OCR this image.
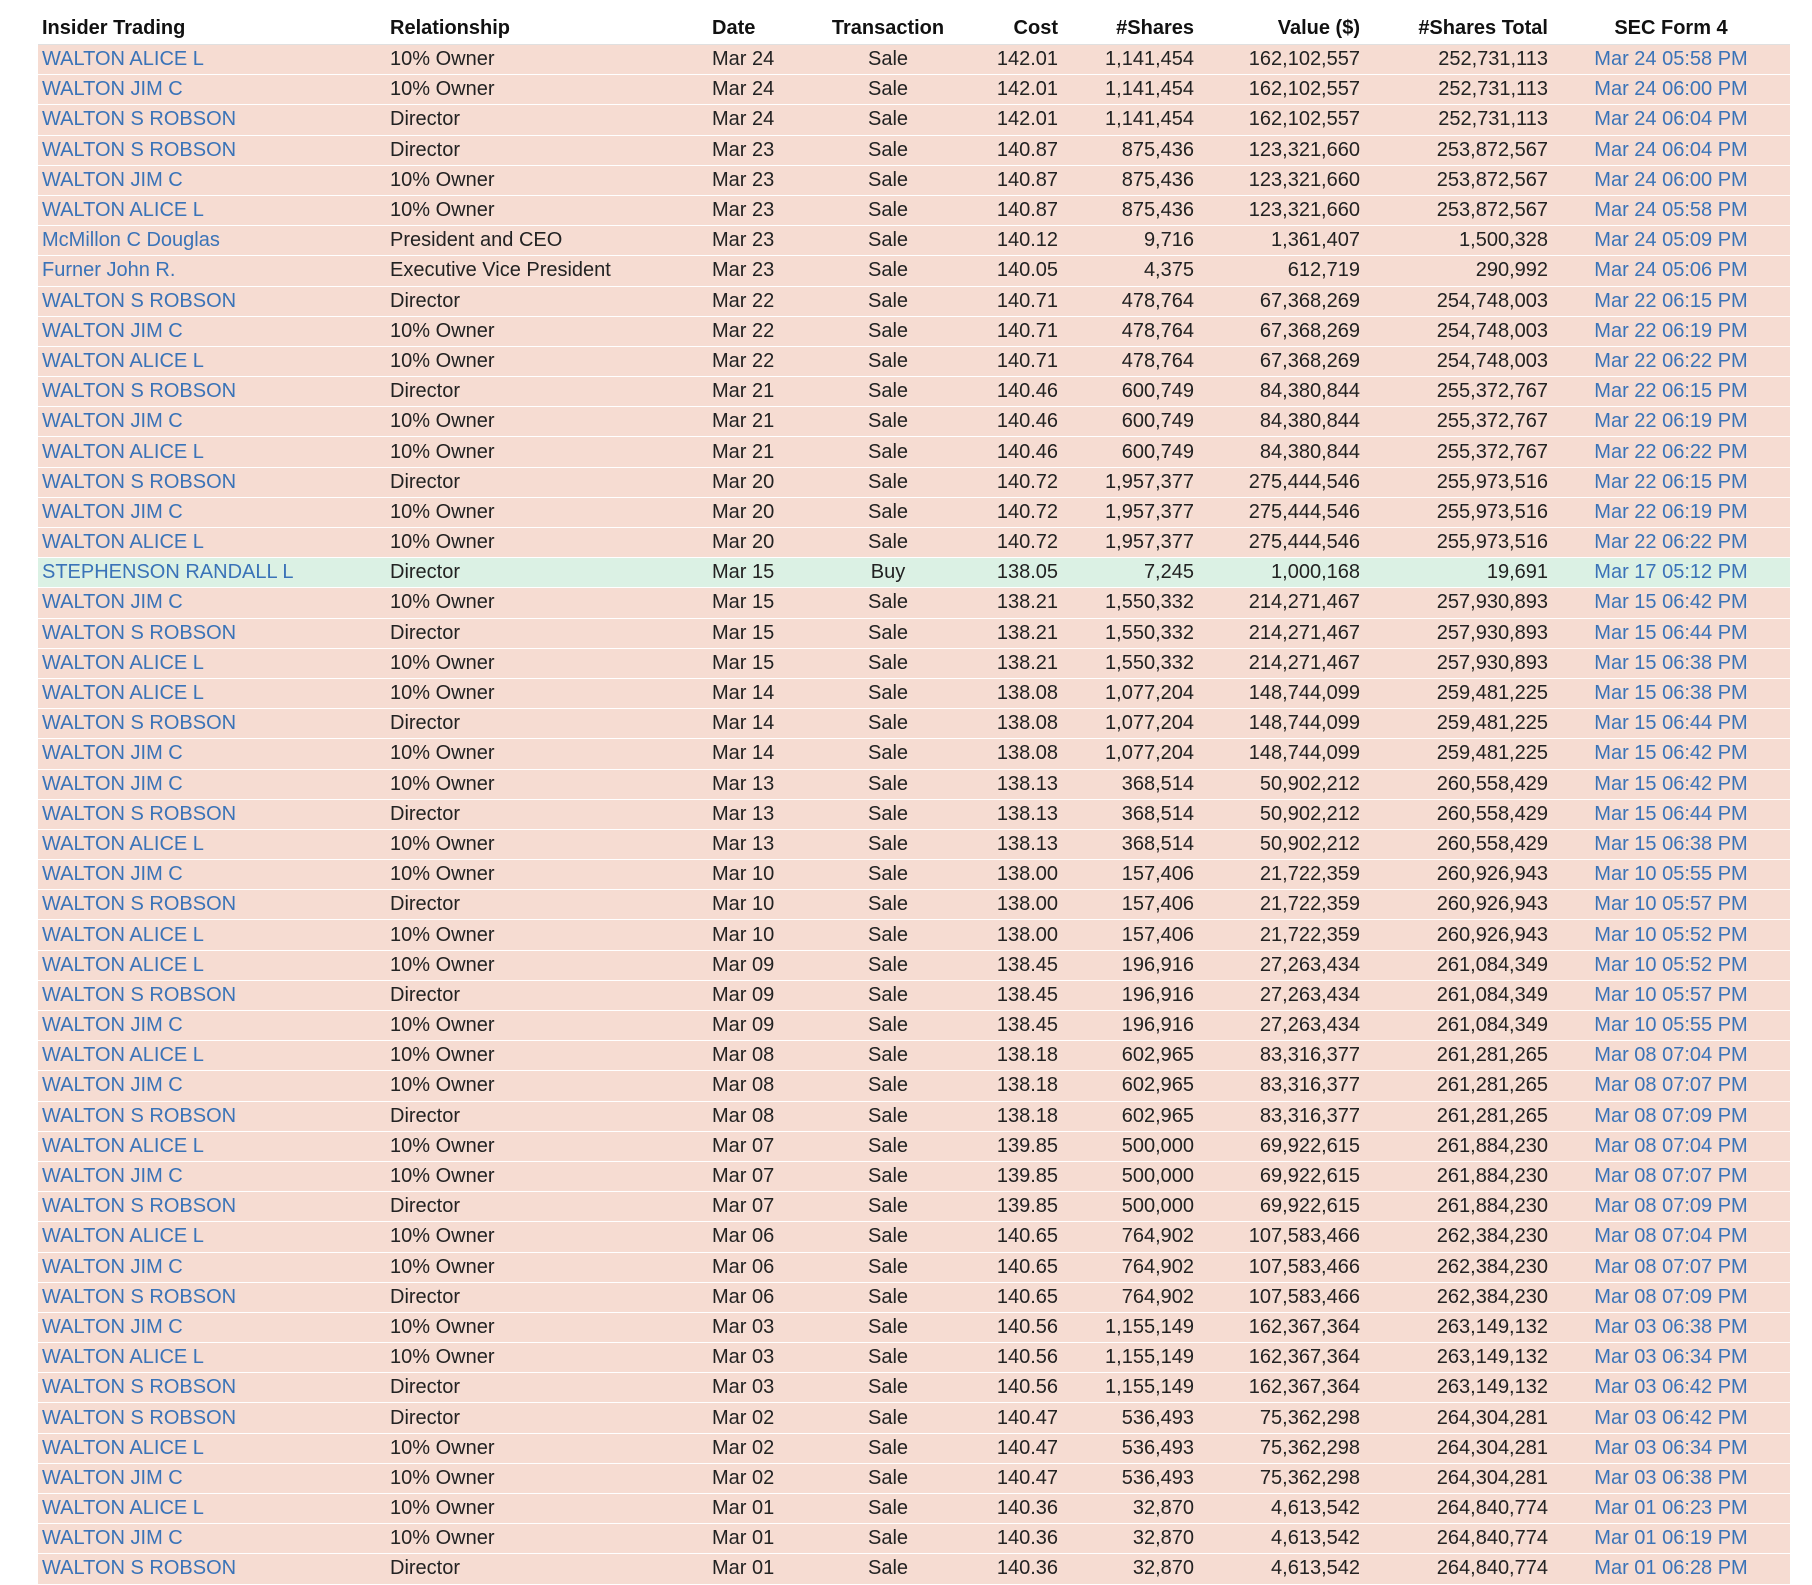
Insider Trading	Relationship	Date	Transaction	Cost	#Shares	Value ($)	#Shares Total	SEC Form 4
WALTON ALICE L	10% Owner	Mar 24	Sale	142.01	1,141,454	162,102,557	252,731,113	Mar 24 05:58 PM
WALTON JIM C	10% Owner	Mar 24	Sale	142.01	1,141,454	162,102,557	252,731,113	Mar 24 06:00 PM
WALTON S ROBSON	Director	Mar 24	Sale	142.01	1,141,454	162,102,557	252,731,113	Mar 24 06:04 PM
WALTON S ROBSON	Director	Mar 23	Sale	140.87	875,436	123,321,660	253,872,567	Mar 24 06:04 PM
WALTON JIM C	10% Owner	Mar 23	Sale	140.87	875,436	123,321,660	253,872,567	Mar 24 06:00 PM
WALTON ALICE L	10% Owner	Mar 23	Sale	140.87	875,436	123,321,660	253,872,567	Mar 24 05:58 PM
McMillon C Douglas	President and CEO	Mar 23	Sale	140.12	9,716	1,361,407	1,500,328	Mar 24 05:09 PM
Furner John R.	Executive Vice President	Mar 23	Sale	140.05	4,375	612,719	290,992	Mar 24 05:06 PM
WALTON S ROBSON	Director	Mar 22	Sale	140.71	478,764	67,368,269	254,748,003	Mar 22 06:15 PM
WALTON JIM C	10% Owner	Mar 22	Sale	140.71	478,764	67,368,269	254,748,003	Mar 22 06:19 PM
WALTON ALICE L	10% Owner	Mar 22	Sale	140.71	478,764	67,368,269	254,748,003	Mar 22 06:22 PM
WALTON S ROBSON	Director	Mar 21	Sale	140.46	600,749	84,380,844	255,372,767	Mar 22 06:15 PM
WALTON JIM C	10% Owner	Mar 21	Sale	140.46	600,749	84,380,844	255,372,767	Mar 22 06:19 PM
WALTON ALICE L	10% Owner	Mar 21	Sale	140.46	600,749	84,380,844	255,372,767	Mar 22 06:22 PM
WALTON S ROBSON	Director	Mar 20	Sale	140.72	1,957,377	275,444,546	255,973,516	Mar 22 06:15 PM
WALTON JIM C	10% Owner	Mar 20	Sale	140.72	1,957,377	275,444,546	255,973,516	Mar 22 06:19 PM
WALTON ALICE L	10% Owner	Mar 20	Sale	140.72	1,957,377	275,444,546	255,973,516	Mar 22 06:22 PM
STEPHENSON RANDALL L	Director	Mar 15	Buy	138.05	7,245	1,000,168	19,691	Mar 17 05:12 PM
WALTON JIM C	10% Owner	Mar 15	Sale	138.21	1,550,332	214,271,467	257,930,893	Mar 15 06:42 PM
WALTON S ROBSON	Director	Mar 15	Sale	138.21	1,550,332	214,271,467	257,930,893	Mar 15 06:44 PM
WALTON ALICE L	10% Owner	Mar 15	Sale	138.21	1,550,332	214,271,467	257,930,893	Mar 15 06:38 PM
WALTON ALICE L	10% Owner	Mar 14	Sale	138.08	1,077,204	148,744,099	259,481,225	Mar 15 06:38 PM
WALTON S ROBSON	Director	Mar 14	Sale	138.08	1,077,204	148,744,099	259,481,225	Mar 15 06:44 PM
WALTON JIM C	10% Owner	Mar 14	Sale	138.08	1,077,204	148,744,099	259,481,225	Mar 15 06:42 PM
WALTON JIM C	10% Owner	Mar 13	Sale	138.13	368,514	50,902,212	260,558,429	Mar 15 06:42 PM
WALTON S ROBSON	Director	Mar 13	Sale	138.13	368,514	50,902,212	260,558,429	Mar 15 06:44 PM
WALTON ALICE L	10% Owner	Mar 13	Sale	138.13	368,514	50,902,212	260,558,429	Mar 15 06:38 PM
WALTON JIM C	10% Owner	Mar 10	Sale	138.00	157,406	21,722,359	260,926,943	Mar 10 05:55 PM
WALTON S ROBSON	Director	Mar 10	Sale	138.00	157,406	21,722,359	260,926,943	Mar 10 05:57 PM
WALTON ALICE L	10% Owner	Mar 10	Sale	138.00	157,406	21,722,359	260,926,943	Mar 10 05:52 PM
WALTON ALICE L	10% Owner	Mar 09	Sale	138.45	196,916	27,263,434	261,084,349	Mar 10 05:52 PM
WALTON S ROBSON	Director	Mar 09	Sale	138.45	196,916	27,263,434	261,084,349	Mar 10 05:57 PM
WALTON JIM C	10% Owner	Mar 09	Sale	138.45	196,916	27,263,434	261,084,349	Mar 10 05:55 PM
WALTON ALICE L	10% Owner	Mar 08	Sale	138.18	602,965	83,316,377	261,281,265	Mar 08 07:04 PM
WALTON JIM C	10% Owner	Mar 08	Sale	138.18	602,965	83,316,377	261,281,265	Mar 08 07:07 PM
WALTON S ROBSON	Director	Mar 08	Sale	138.18	602,965	83,316,377	261,281,265	Mar 08 07:09 PM
WALTON ALICE L	10% Owner	Mar 07	Sale	139.85	500,000	69,922,615	261,884,230	Mar 08 07:04 PM
WALTON JIM C	10% Owner	Mar 07	Sale	139.85	500,000	69,922,615	261,884,230	Mar 08 07:07 PM
WALTON S ROBSON	Director	Mar 07	Sale	139.85	500,000	69,922,615	261,884,230	Mar 08 07:09 PM
WALTON ALICE L	10% Owner	Mar 06	Sale	140.65	764,902	107,583,466	262,384,230	Mar 08 07:04 PM
WALTON JIM C	10% Owner	Mar 06	Sale	140.65	764,902	107,583,466	262,384,230	Mar 08 07:07 PM
WALTON S ROBSON	Director	Mar 06	Sale	140.65	764,902	107,583,466	262,384,230	Mar 08 07:09 PM
WALTON JIM C	10% Owner	Mar 03	Sale	140.56	1,155,149	162,367,364	263,149,132	Mar 03 06:38 PM
WALTON ALICE L	10% Owner	Mar 03	Sale	140.56	1,155,149	162,367,364	263,149,132	Mar 03 06:34 PM
WALTON S ROBSON	Director	Mar 03	Sale	140.56	1,155,149	162,367,364	263,149,132	Mar 03 06:42 PM
WALTON S ROBSON	Director	Mar 02	Sale	140.47	536,493	75,362,298	264,304,281	Mar 03 06:42 PM
WALTON ALICE L	10% Owner	Mar 02	Sale	140.47	536,493	75,362,298	264,304,281	Mar 03 06:34 PM
WALTON JIM C	10% Owner	Mar 02	Sale	140.47	536,493	75,362,298	264,304,281	Mar 03 06:38 PM
WALTON ALICE L	10% Owner	Mar 01	Sale	140.36	32,870	4,613,542	264,840,774	Mar 01 06:23 PM
WALTON JIM C	10% Owner	Mar 01	Sale	140.36	32,870	4,613,542	264,840,774	Mar 01 06:19 PM
WALTON S ROBSON	Director	Mar 01	Sale	140.36	32,870	4,613,542	264,840,774	Mar 01 06:28 PM
